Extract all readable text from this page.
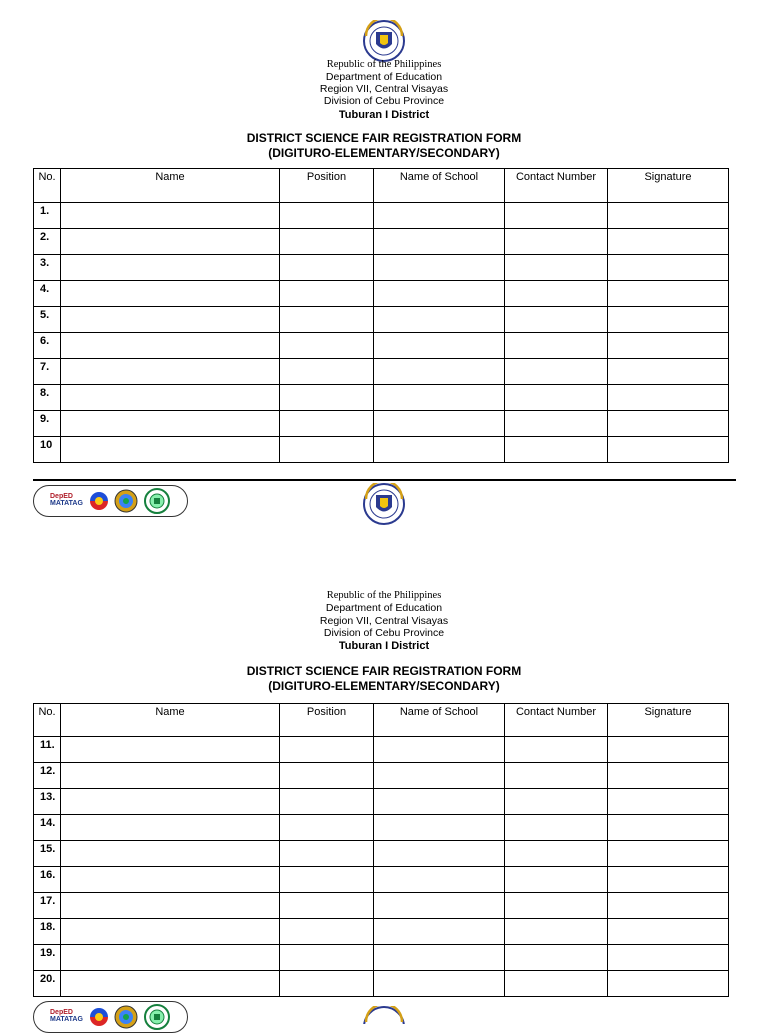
Republic of the Philippines
Department of Education
Region VII, Central Visayas
Division of Cebu Province
Tuburan I District
DISTRICT SCIENCE FAIR REGISTRATION FORM
(DIGITURO-ELEMENTARY/SECONDARY)
No.	Name	Position	Name of School	Contact Number	Signature
1.					
2.					
3.					
4.					
5.					
6.					
7.					
8.					
9.					
10					
DepED
MATATAG
Republic of the Philippines
Department of Education
Region VII, Central Visayas
Division of Cebu Province
Tuburan I District
DISTRICT SCIENCE FAIR REGISTRATION FORM
(DIGITURO-ELEMENTARY/SECONDARY)
No.	Name	Position	Name of School	Contact Number	Signature
11.					
12.					
13.					
14.					
15.					
16.					
17.					
18.					
19.					
20.					
DepED
MATATAG
